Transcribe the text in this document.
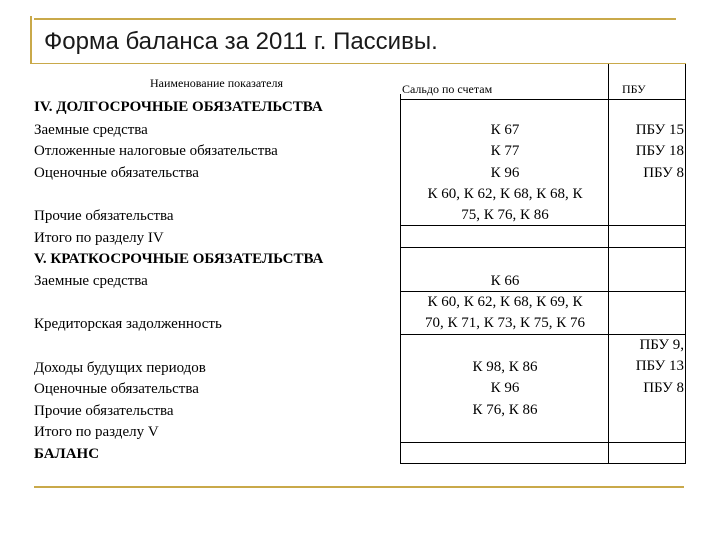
Форма баланса за 2011 г. Пассивы.
Наименование показателя	Сальдо по счетам	ПБУ
IV. ДОЛГОСРОЧНЫЕ ОБЯЗАТЕЛЬСТВА
Заемные средства
Отложенные налоговые обязательства
Оценочные обязательства
Прочие обязательства
Итого по разделу IV
V. КРАТКОСРОЧНЫЕ ОБЯЗАТЕЛЬСТВА
Заемные средства
Кредиторская задолженность
Доходы будущих периодов
Оценочные обязательства
Прочие обязательства
Итого по разделу V
БАЛАНС
К 67
К 77
К 96
К 60, К 62, К 68, К 68, К
75, К 76, К 86
К 66
К 60, К 62, К 68, К 69, К
70, К 71, К 73, К 75, К 76
К 98, К 86
К 96
К 76, К 86
ПБУ 15
ПБУ 18
ПБУ 8
ПБУ 9,
ПБУ 13
ПБУ 8
